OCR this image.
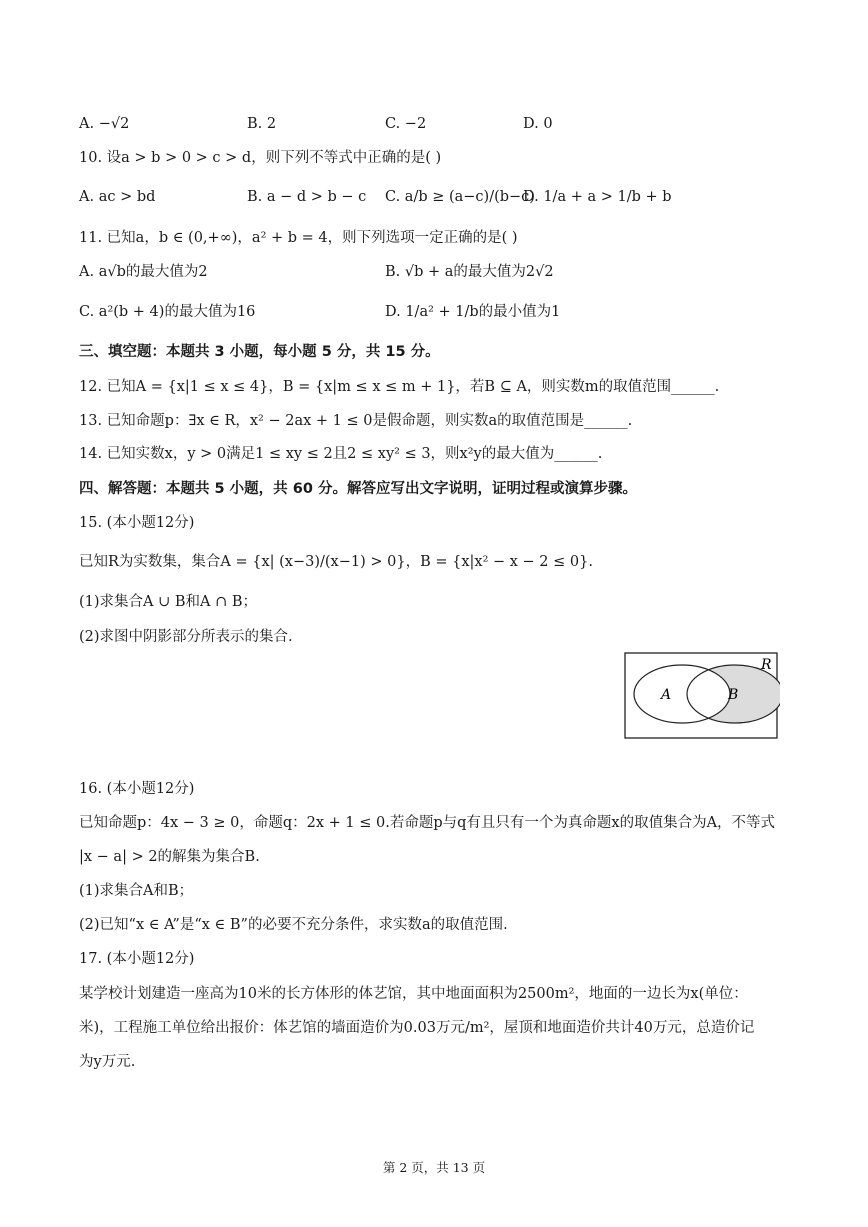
A. −√2	B. 2	C. −2	D. 0
10. 设a > b > 0 > c > d，则下列不等式中正确的是( )
A. ac > bd	B. a − d > b − c C. a/b ≥ (a−c)/(b−c)
D. 1/a + a > 1/b + b
11. 已知a，b ∈ (0,+∞)，a² + b = 4，则下列选项一定正确的是( )
A. a√b的最大值为2	B. √b + a的最大值为2√2
C. a²(b + 4)的最大值为16	D. 1/a² + 1/b的最小值为1
三、填空题：本题共 3 小题，每小题 5 分，共 15 分。
12. 已知A = {x|1 ≤ x ≤ 4}，B = {x|m ≤ x ≤ m + 1}，若B ⊆ A，则实数m的取值范围______.
13. 已知命题p：∃x ∈ R，x² − 2ax + 1 ≤ 0是假命题，则实数a的取值范围是______.
14. 已知实数x，y > 0满足1 ≤ xy ≤ 2且2 ≤ xy² ≤ 3，则x²y的最大值为______.
四、解答题：本题共 5 小题，共 60 分。解答应写出文字说明，证明过程或演算步骤。
15. (本小题12分)
已知R为实数集，集合A = {x| (x−3)/(x−1) > 0}，B = {x|x² − x − 2 ≤ 0}.
(1)求集合A ∪ B和A ∩ B；
(2)求图中阴影部分所表示的集合.
R
A	B
16. (本小题12分)
已知命题p：4x − 3 ≥ 0，命题q：2x + 1 ≤ 0.若命题p与q有且只有一个为真命题x的取值集合为A，不等式
|x − a| > 2的解集为集合B.
(1)求集合A和B；
(2)已知“x ∈ A”是“x ∈ B”的必要不充分条件，求实数a的取值范围.
17. (本小题12分)
某学校计划建造一座高为10米的长方体形的体艺馆，其中地面面积为2500m²，地面的一边长为x(单位：
米)，工程施工单位给出报价：体艺馆的墙面造价为0.03万元/m²，屋顶和地面造价共计40万元，总造价记
为y万元.
第 2 页，共 13 页
